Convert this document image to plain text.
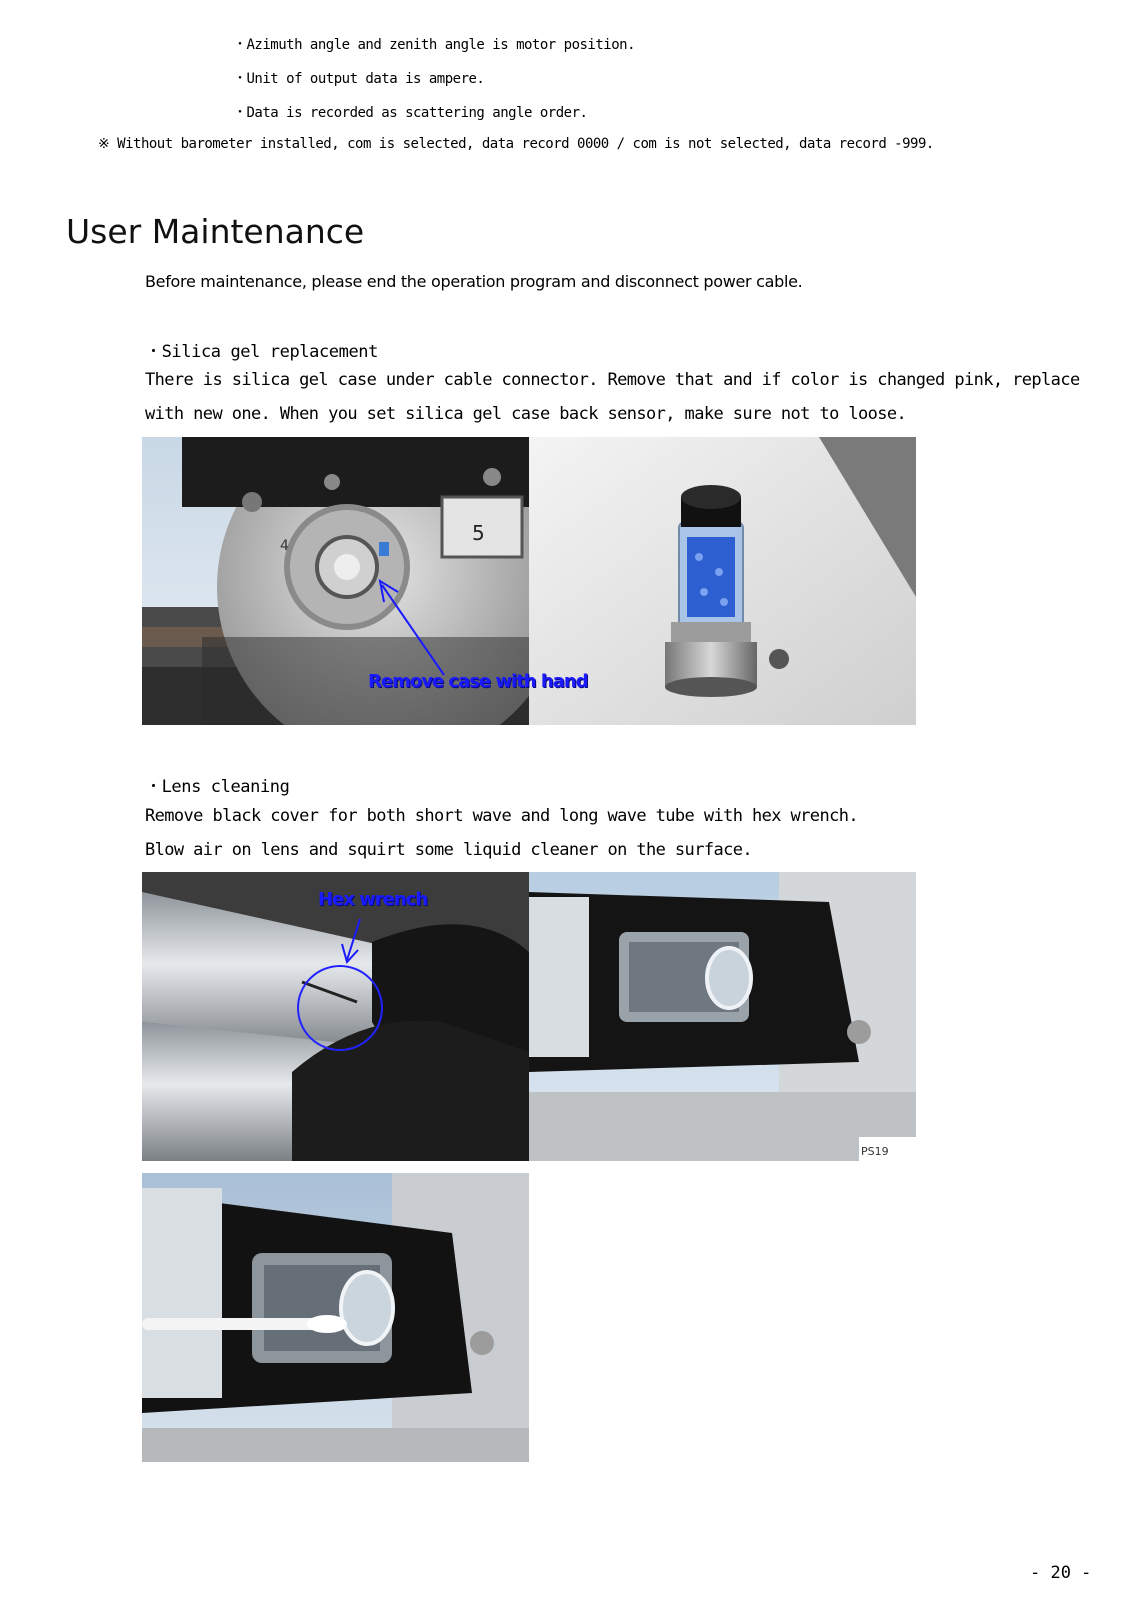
・Azimuth angle and zenith angle is motor position.
・Unit of output data is ampere.
・Data is recorded as scattering angle order.
※ Without barometer installed, com is selected, data record 0000 / com is not selected, data record -999.
User Maintenance
Before maintenance, please end the operation program and disconnect power cable.
・Silica gel replacement
There is silica gel case under cable connector. Remove that and if color is changed pink, replace
with new one. When you set silica gel case back sensor, make sure not to loose.
4
5
Remove case with hand
・Lens cleaning
Remove black cover for both short wave and long wave tube with hex wrench.
Blow air on lens and squirt some liquid cleaner on the surface.
PS19
Hex wrench
- 20 -
